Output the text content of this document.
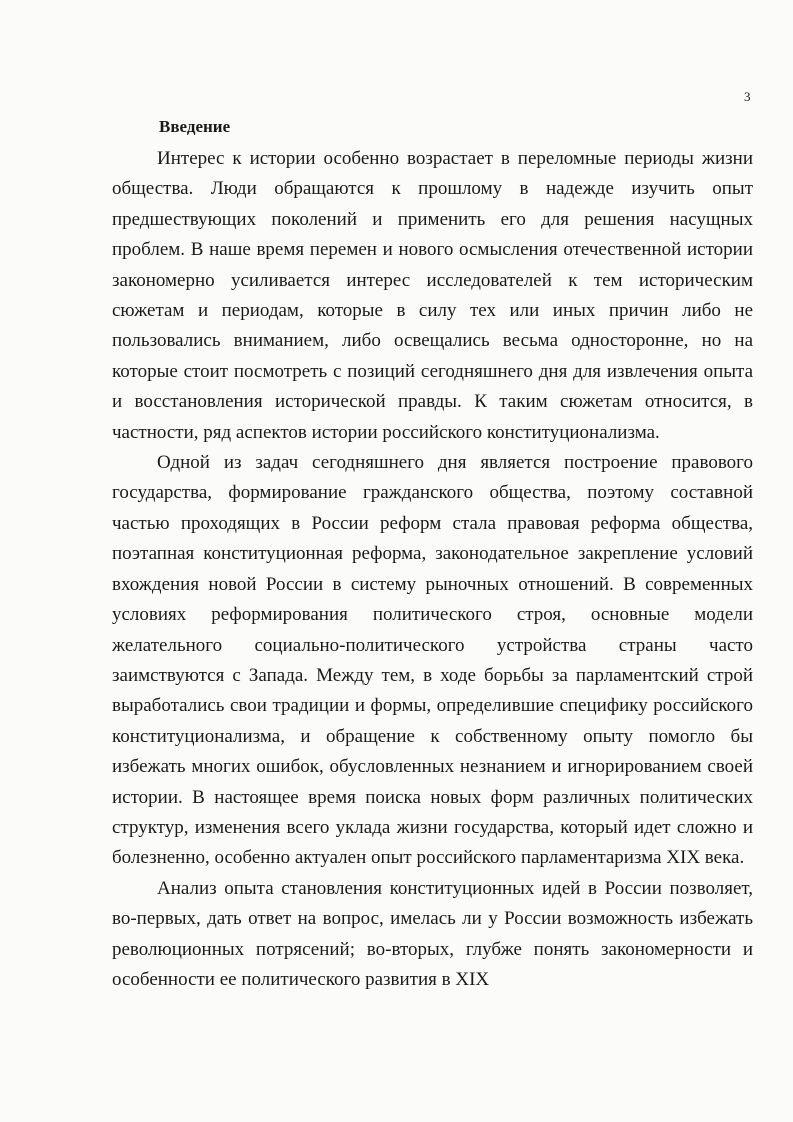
3
Введение

Интерес к истории особенно возрастает в переломные периоды жизни общества. Люди обращаются к прошлому в надежде изучить опыт предшествующих поколений и применить его для решения насущных проблем. В наше время перемен и нового осмысления отечественной истории закономерно усиливается интерес исследователей к тем историческим сюжетам и периодам, которые в силу тех или иных причин либо не пользовались вниманием, либо освещались весьма односторонне, но на которые стоит посмотреть с позиций сегодняшнего дня для извлечения опыта и восстановления исторической правды. К таким сюжетам относится, в частности, ряд аспектов истории российского конституционализма.

Одной из задач сегодняшнего дня является построение правового государства, формирование гражданского общества, поэтому составной частью проходящих в России реформ стала правовая реформа общества, поэтапная конституционная реформа, законодательное закрепление условий вхождения новой России в систему рыночных отношений. В современных условиях реформирования политического строя, основные модели желательного социально-политического устройства страны часто заимствуются с Запада. Между тем, в ходе борьбы за парламентский строй выработались свои традиции и формы, определившие специфику российского конституционализма, и обращение к собственному опыту помогло бы избежать многих ошибок, обусловленных незнанием и игнорированием своей истории. В настоящее время поиска новых форм различных политических структур, изменения всего уклада жизни государства, который идет сложно и болезненно, особенно актуален опыт российского парламентаризма XIX века.

Анализ опыта становления конституционных идей в России позволяет, во-первых, дать ответ на вопрос, имелась ли у России возможность избежать революционных потрясений; во-вторых, глубже понять закономерности и особенности ее политического развития в XIX
